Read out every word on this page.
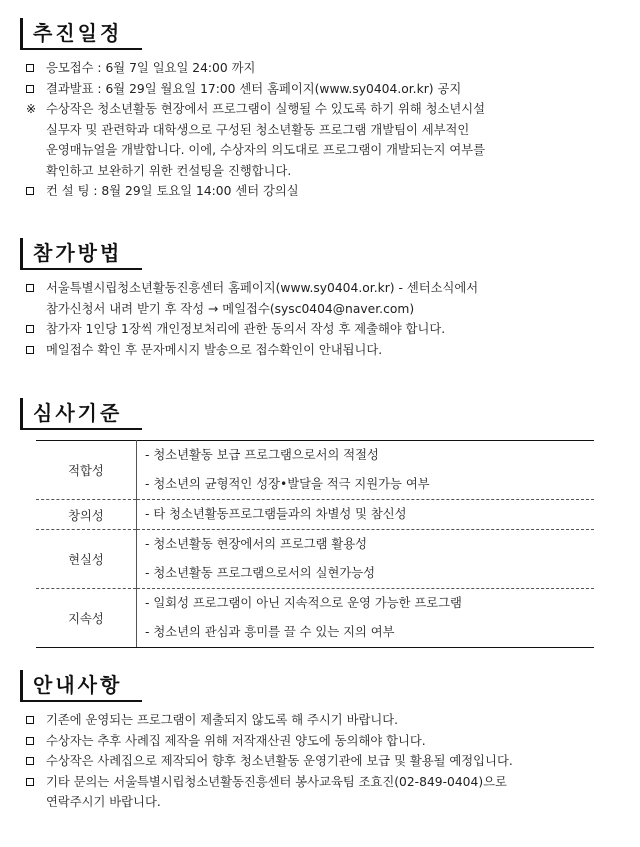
추진일정
응모접수 : 6월 7일 일요일 24:00 까지
결과발표 : 6월 29일 월요일 17:00 센터 홈페이지(www.sy0404.or.kr) 공지
※ 수상작은 청소년활동 현장에서 프로그램이 실행될 수 있도록 하기 위해 청소년시설
실무자 및 관련학과 대학생으로 구성된 청소년활동 프로그램 개발팀이 세부적인
운영매뉴얼을 개발합니다. 이에, 수상자의 의도대로 프로그램이 개발되는지 여부를
확인하고 보완하기 위한 컨설팅을 진행합니다.
컨 설 팅 : 8월 29일 토요일 14:00 센터 강의실
참가방법
서울특별시립청소년활동진흥센터 홈페이지(www.sy0404.or.kr) - 센터소식에서
참가신청서 내려 받기 후 작성 → 메일접수(sysc0404@naver.com)
참가자 1인당 1장씩 개인정보처리에 관한 동의서 작성 후 제출해야 합니다.
메일접수 확인 후 문자메시지 발송으로 접수확인이 안내됩니다.
심사기준
적합성	- 청소년활동 보급 프로그램으로서의 적절성
- 청소년의 균형적인 성장•발달을 적극 지원가능 여부

창의성	- 타 청소년활동프로그램들과의 차별성 및 참신성

현실성	- 청소년활동 현장에서의 프로그램 활용성
- 청소년활동 프로그램으로서의 실현가능성

지속성	- 일회성 프로그램이 아닌 지속적으로 운영 가능한 프로그램
- 청소년의 관심과 흥미를 끌 수 있는 지의 여부
안내사항
기존에 운영되는 프로그램이 제출되지 않도록 해 주시기 바랍니다.
수상자는 추후 사례집 제작을 위해 저작재산권 양도에 동의해야 합니다.
수상작은 사례집으로 제작되어 향후 청소년활동 운영기관에 보급 및 활용될 예정입니다.
기타 문의는 서울특별시립청소년활동진흥센터 봉사교육팀 조효진(02-849-0404)으로
연락주시기 바랍니다.
